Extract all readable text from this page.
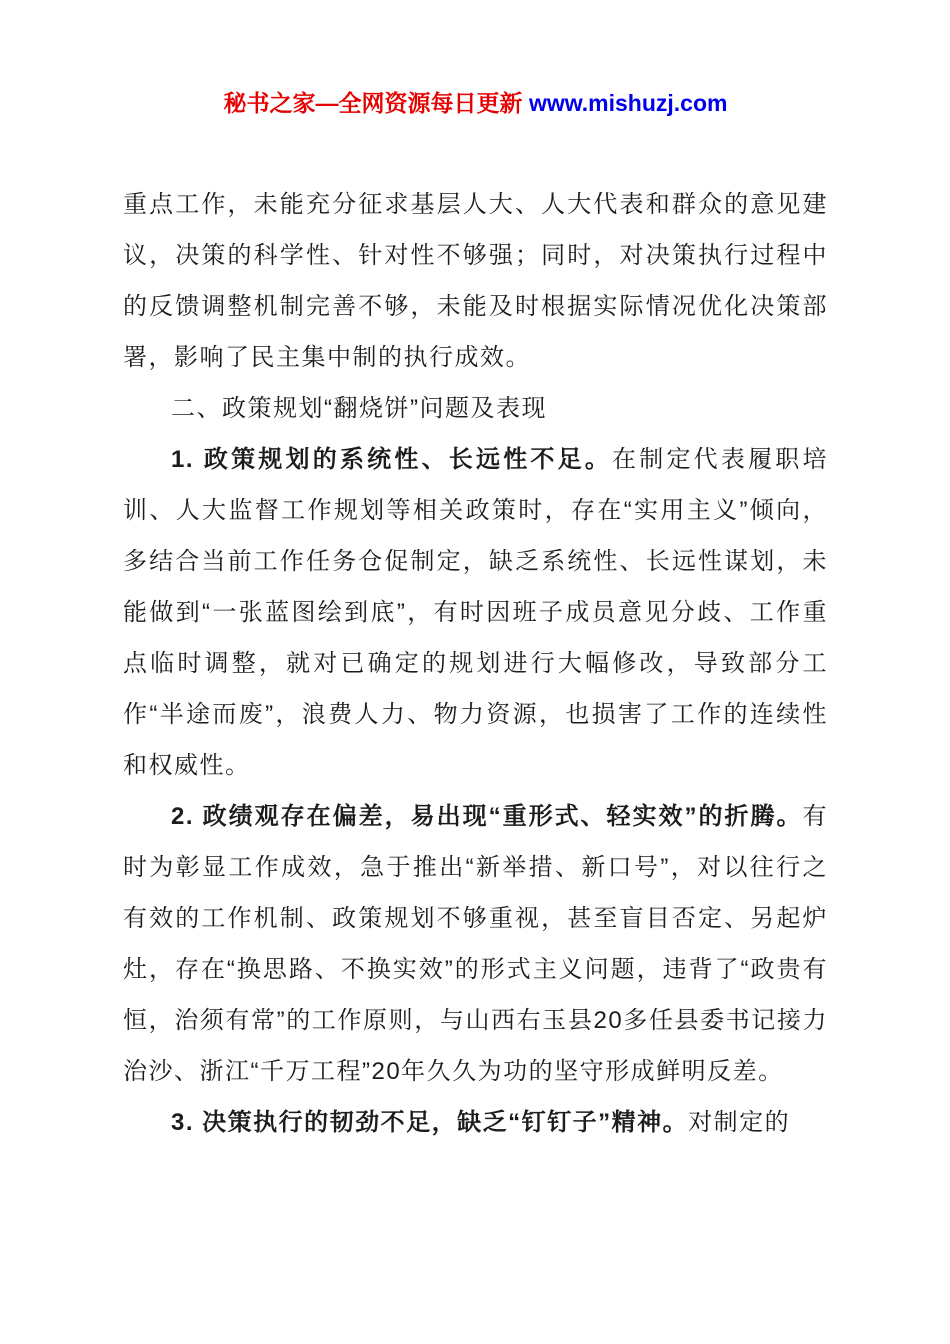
秘书之家—全网资源每日更新 www.mishuzj.com

重点工作，未能充分征求基层人大、人大代表和群众的意见建议，决策的科学性、针对性不够强；同时，对决策执行过程中的反馈调整机制完善不够，未能及时根据实际情况优化决策部署，影响了民主集中制的执行成效。

二、政策规划“翻烧饼”问题及表现

1. 政策规划的系统性、长远性不足。在制定代表履职培训、人大监督工作规划等相关政策时，存在“实用主义”倾向，多结合当前工作任务仓促制定，缺乏系统性、长远性谋划，未能做到“一张蓝图绘到底”，有时因班子成员意见分歧、工作重点临时调整，就对已确定的规划进行大幅修改，导致部分工作“半途而废”，浪费人力、物力资源，也损害了工作的连续性和权威性。

2. 政绩观存在偏差，易出现“重形式、轻实效”的折腾。有时为彰显工作成效，急于推出“新举措、新口号”，对以往行之有效的工作机制、政策规划不够重视，甚至盲目否定、另起炉灶，存在“换思路、不换实效”的形式主义问题，违背了“政贵有恒，治须有常”的工作原则，与山西右玉县20多任县委书记接力治沙、浙江“千万工程”20年久久为功的坚守形成鲜明反差。

3. 决策执行的韧劲不足，缺乏“钉钉子”精神。对制定的
